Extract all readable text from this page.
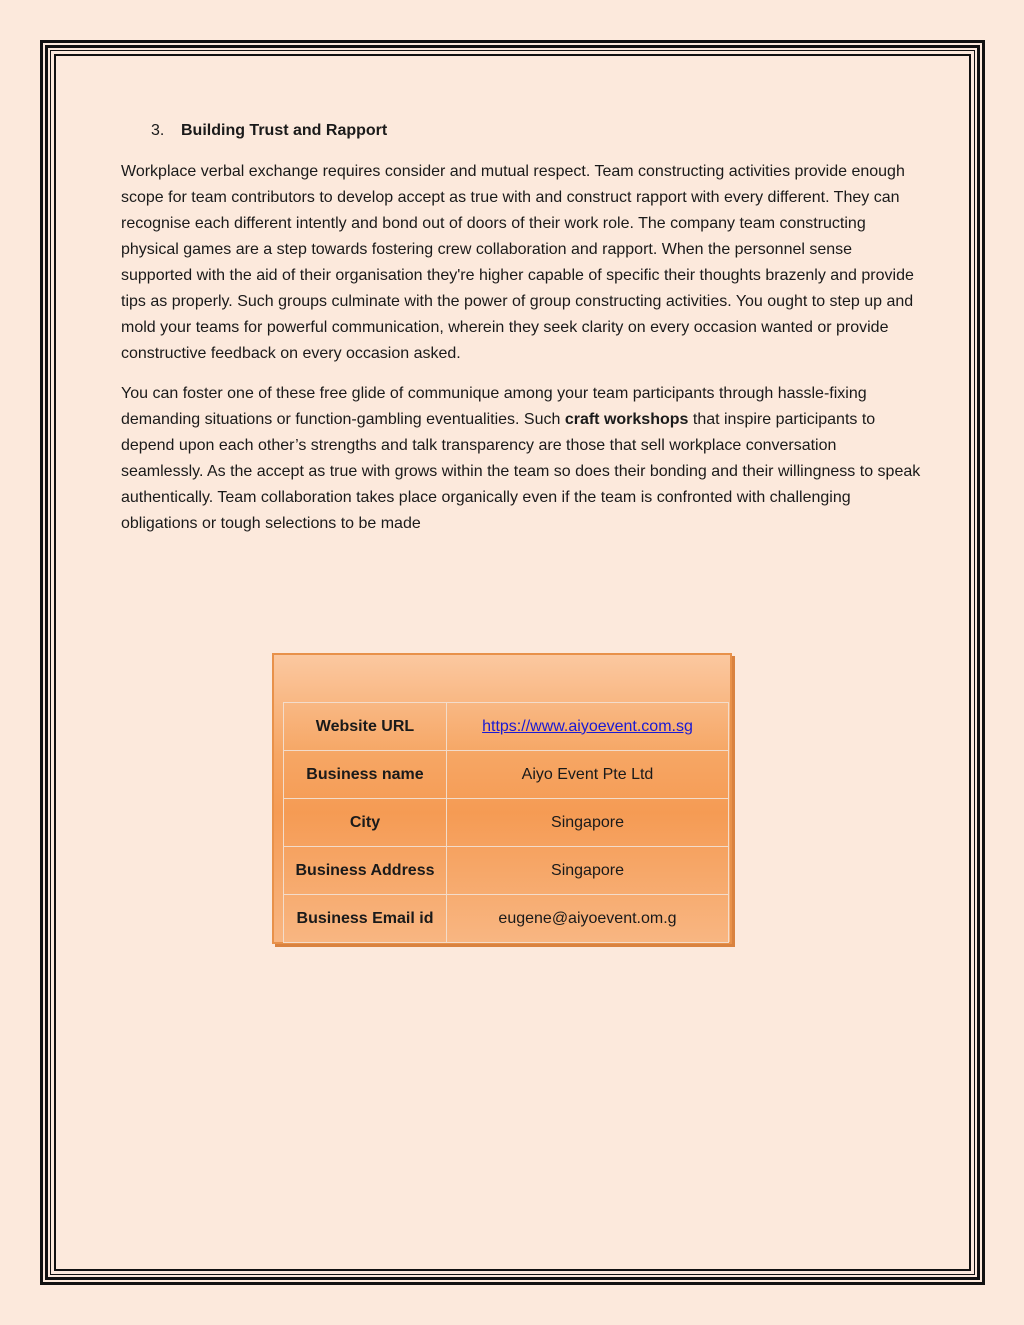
3. Building Trust and Rapport

Workplace verbal exchange requires consider and mutual respect. Team constructing activities provide enough scope for team contributors to develop accept as true with and construct rapport with every different. They can recognise each different intently and bond out of doors of their work role. The company team constructing physical games are a step towards fostering crew collaboration and rapport. When the personnel sense supported with the aid of their organisation they're higher capable of specific their thoughts brazenly and provide tips as properly. Such groups culminate with the power of group constructing activities. You ought to step up and mold your teams for powerful communication, wherein they seek clarity on every occasion wanted or provide constructive feedback on every occasion asked.

You can foster one of these free glide of communique among your team participants through hassle-fixing demanding situations or function-gambling eventualities. Such craft workshops that inspire participants to depend upon each other’s strengths and talk transparency are those that sell workplace conversation seamlessly. As the accept as true with grows within the team so does their bonding and their willingness to speak authentically. Team collaboration takes place organically even if the team is confronted with challenging obligations or tough selections to be made

Website URL	https://www.aiyoevent.com.sg
Business name	Aiyo Event Pte Ltd
City	Singapore
Business Address	Singapore
Business Email id	eugene@aiyoevent.om.g
